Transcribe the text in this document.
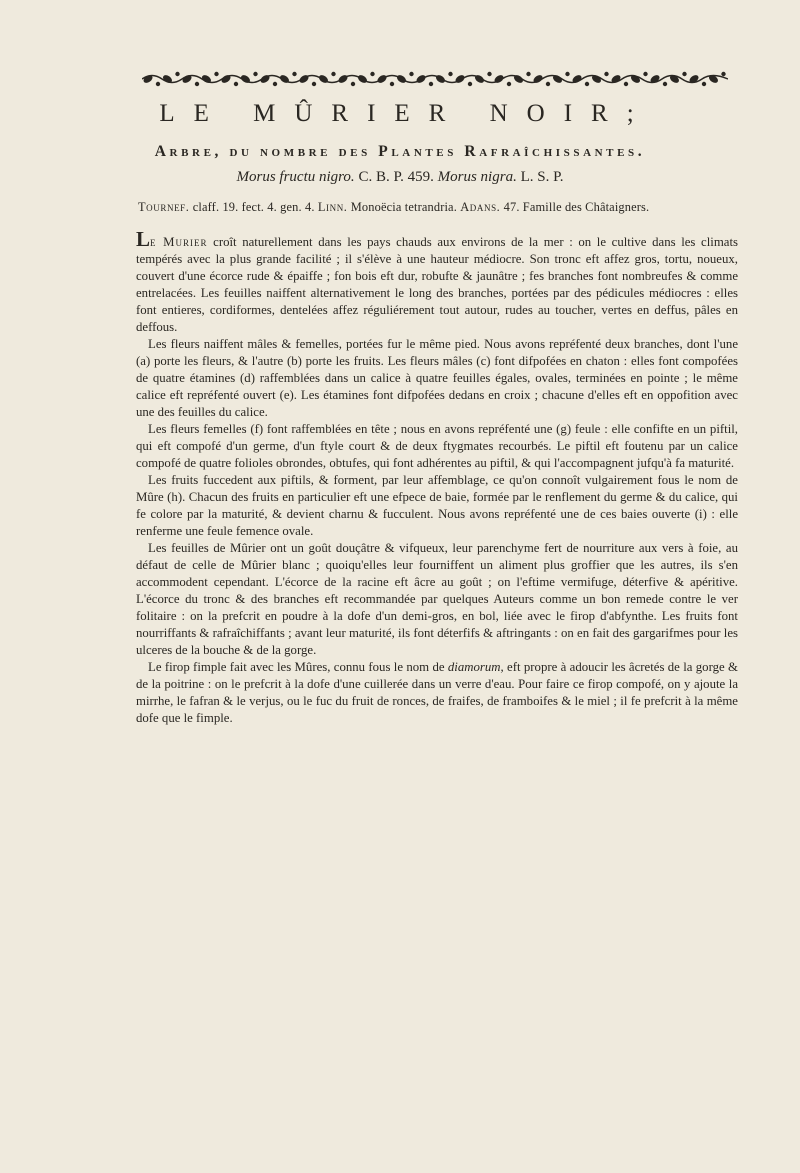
LE MÛRIER NOIR;
Arbre, du nombre des Plantes Rafraîchissantes.
Morus fructu nigro. C. B. P. 459. Morus nigra. L. S. P.
Tournef. claff. 19. fect. 4. gen. 4. Linn. Monoëcia tetrandria. Adans. 47. Famille des Châtaigners.

Le Murier croît naturellement dans les pays chauds aux environs de la mer : on le cultive dans les climats tempérés avec la plus grande facilité ; il s'élève à une hauteur médiocre. Son tronc eft affez gros, tortu, noueux, couvert d'une écorce rude & épaiffe ; fon bois eft dur, robufte & jaunâtre ; fes branches font nombreufes & comme entrelacées. Les feuilles naiffent alternativement le long des branches, portées par des pédicules médiocres : elles font entieres, cordiformes, dentelées affez réguliérement tout autour, rudes au toucher, vertes en deffus, pâles en deffous.

Les fleurs naiffent mâles & femelles, portées fur le même pied. Nous avons repréfenté deux branches, dont l'une (a) porte les fleurs, & l'autre (b) porte les fruits. Les fleurs mâles (c) font difpofées en chaton : elles font compofées de quatre étamines (d) raffemblées dans un calice à quatre feuilles égales, ovales, terminées en pointe ; le même calice eft repréfenté ouvert (e). Les étamines font difpofées dedans en croix ; chacune d'elles eft en oppofition avec une des feuilles du calice.

Les fleurs femelles (f) font raffemblées en tête ; nous en avons repréfenté une (g) feule : elle confifte en un piftil, qui eft compofé d'un germe, d'un ftyle court & de deux ftygmates recourbés. Le piftil eft foutenu par un calice compofé de quatre folioles obrondes, obtufes, qui font adhérentes au piftil, & qui l'accompagnent jufqu'à fa maturité.

Les fruits fuccedent aux piftils, & forment, par leur affemblage, ce qu'on connoît vulgairement fous le nom de Mûre (h). Chacun des fruits en particulier eft une efpece de baie, formée par le renflement du germe & du calice, qui fe colore par la maturité, & devient charnu & fucculent. Nous avons repréfenté une de ces baies ouverte (i) : elle renferme une feule femence ovale.

Les feuilles de Mûrier ont un goût douçâtre & vifqueux, leur parenchyme fert de nourriture aux vers à foie, au défaut de celle de Mûrier blanc ; quoiqu'elles leur fourniffent un aliment plus groffier que les autres, ils s'en accommodent cependant. L'écorce de la racine eft âcre au goût ; on l'eftime vermifuge, déterfive & apéritive. L'écorce du tronc & des branches eft recommandée par quelques Auteurs comme un bon remede contre le ver folitaire : on la prefcrit en poudre à la dofe d'un demi-gros, en bol, liée avec le firop d'abfynthe. Les fruits font nourriffants & rafraîchiffants ; avant leur maturité, ils font déterfifs & aftringants : on en fait des gargarifmes pour les ulceres de la bouche & de la gorge.

Le firop fimple fait avec les Mûres, connu fous le nom de diamorum, eft propre à adoucir les âcretés de la gorge & de la poitrine : on le prefcrit à la dofe d'une cuillerée dans un verre d'eau. Pour faire ce firop compofé, on y ajoute la mirrhe, le fafran & le verjus, ou le fuc du fruit de ronces, de fraifes, de framboifes & le miel ; il fe prefcrit à la même dofe que le fimple.
